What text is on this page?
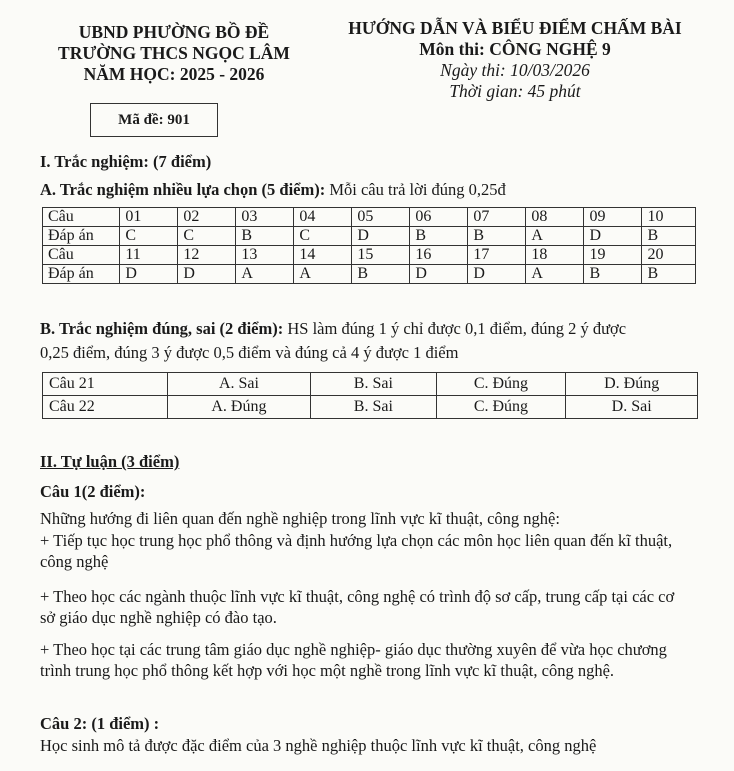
UBND PHƯỜNG BỒ ĐỀ
TRƯỜNG THCS NGỌC LÂM
NĂM HỌC: 2025 - 2026
HƯỚNG DẪN VÀ BIỂU ĐIỂM CHẤM BÀI
Môn thi: CÔNG NGHỆ 9
Ngày thi: 10/03/2026
Thời gian: 45 phút
Mã đề: 901
I. Trắc nghiệm: (7 điểm)
A. Trắc nghiệm nhiều lựa chọn (5 điểm): Mỗi câu trả lời đúng 0,25đ
Câu	01	02	03	04	05	06	07	08	09	10
Đáp án	C	C	B	C	D	B	B	A	D	B
Câu	11	12	13	14	15	16	17	18	19	20
Đáp án	D	D	A	A	B	D	D	A	B	B
B. Trắc nghiệm đúng, sai (2 điểm): HS làm đúng 1 ý chỉ được 0,1 điểm, đúng 2 ý được
0,25 điểm, đúng 3 ý được 0,5 điểm và đúng cả 4 ý được 1 điểm
Câu 21	A. Sai	B. Sai	C. Đúng	D. Đúng
Câu 22	A. Đúng	B. Sai	C. Đúng	D. Sai
II. Tự luận (3 điểm)
Câu 1(2 điểm):
Những hướng đi liên quan đến nghề nghiệp trong lĩnh vực kĩ thuật, công nghệ:
+ Tiếp tục học trung học phổ thông và định hướng lựa chọn các môn học liên quan đến kĩ thuật, công nghệ
+ Theo học các ngành thuộc lĩnh vực kĩ thuật, công nghệ có trình độ sơ cấp, trung cấp tại các cơ sở giáo dục nghề nghiệp có đào tạo.
+ Theo học tại các trung tâm giáo dục nghề nghiệp- giáo dục thường xuyên để vừa học chương trình trung học phổ thông kết hợp với học một nghề trong lĩnh vực kĩ thuật, công nghệ.
Câu 2: (1 điểm) :
Học sinh mô tả được đặc điểm của 3 nghề nghiệp thuộc lĩnh vực kĩ thuật, công nghệ
